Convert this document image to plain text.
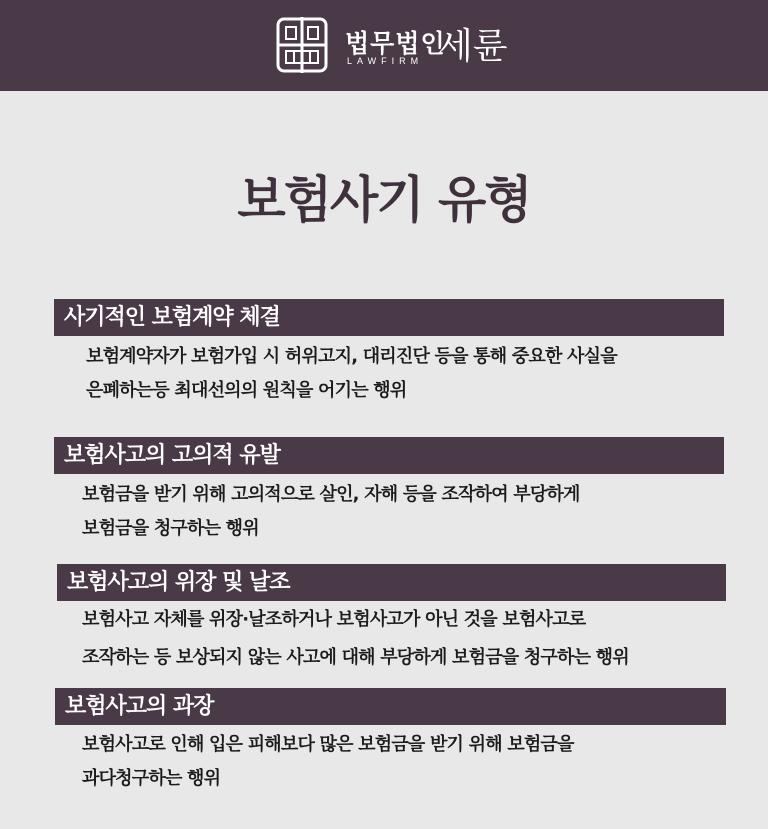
법무법인
LAWFIRM 세륜
보험사기 유형
사기적인 보험계약 체결
보험계약자가 보험가입 시 허위고지, 대리진단 등을 통해 중요한 사실을
은폐하는등 최대선의의 원칙을 어기는 행위
보험사고의 고의적 유발
보험금을 받기 위해 고의적으로 살인, 자해 등을 조작하여 부당하게
보험금을 청구하는 행위
보험사고의 위장 및 날조
보험사고 자체를 위장·날조하거나 보험사고가 아닌 것을 보험사고로
조작하는 등 보상되지 않는 사고에 대해 부당하게 보험금을 청구하는 행위
보험사고의 과장
보험사고로 인해 입은 피해보다 많은 보험금을 받기 위해 보험금을
과다청구하는 행위
